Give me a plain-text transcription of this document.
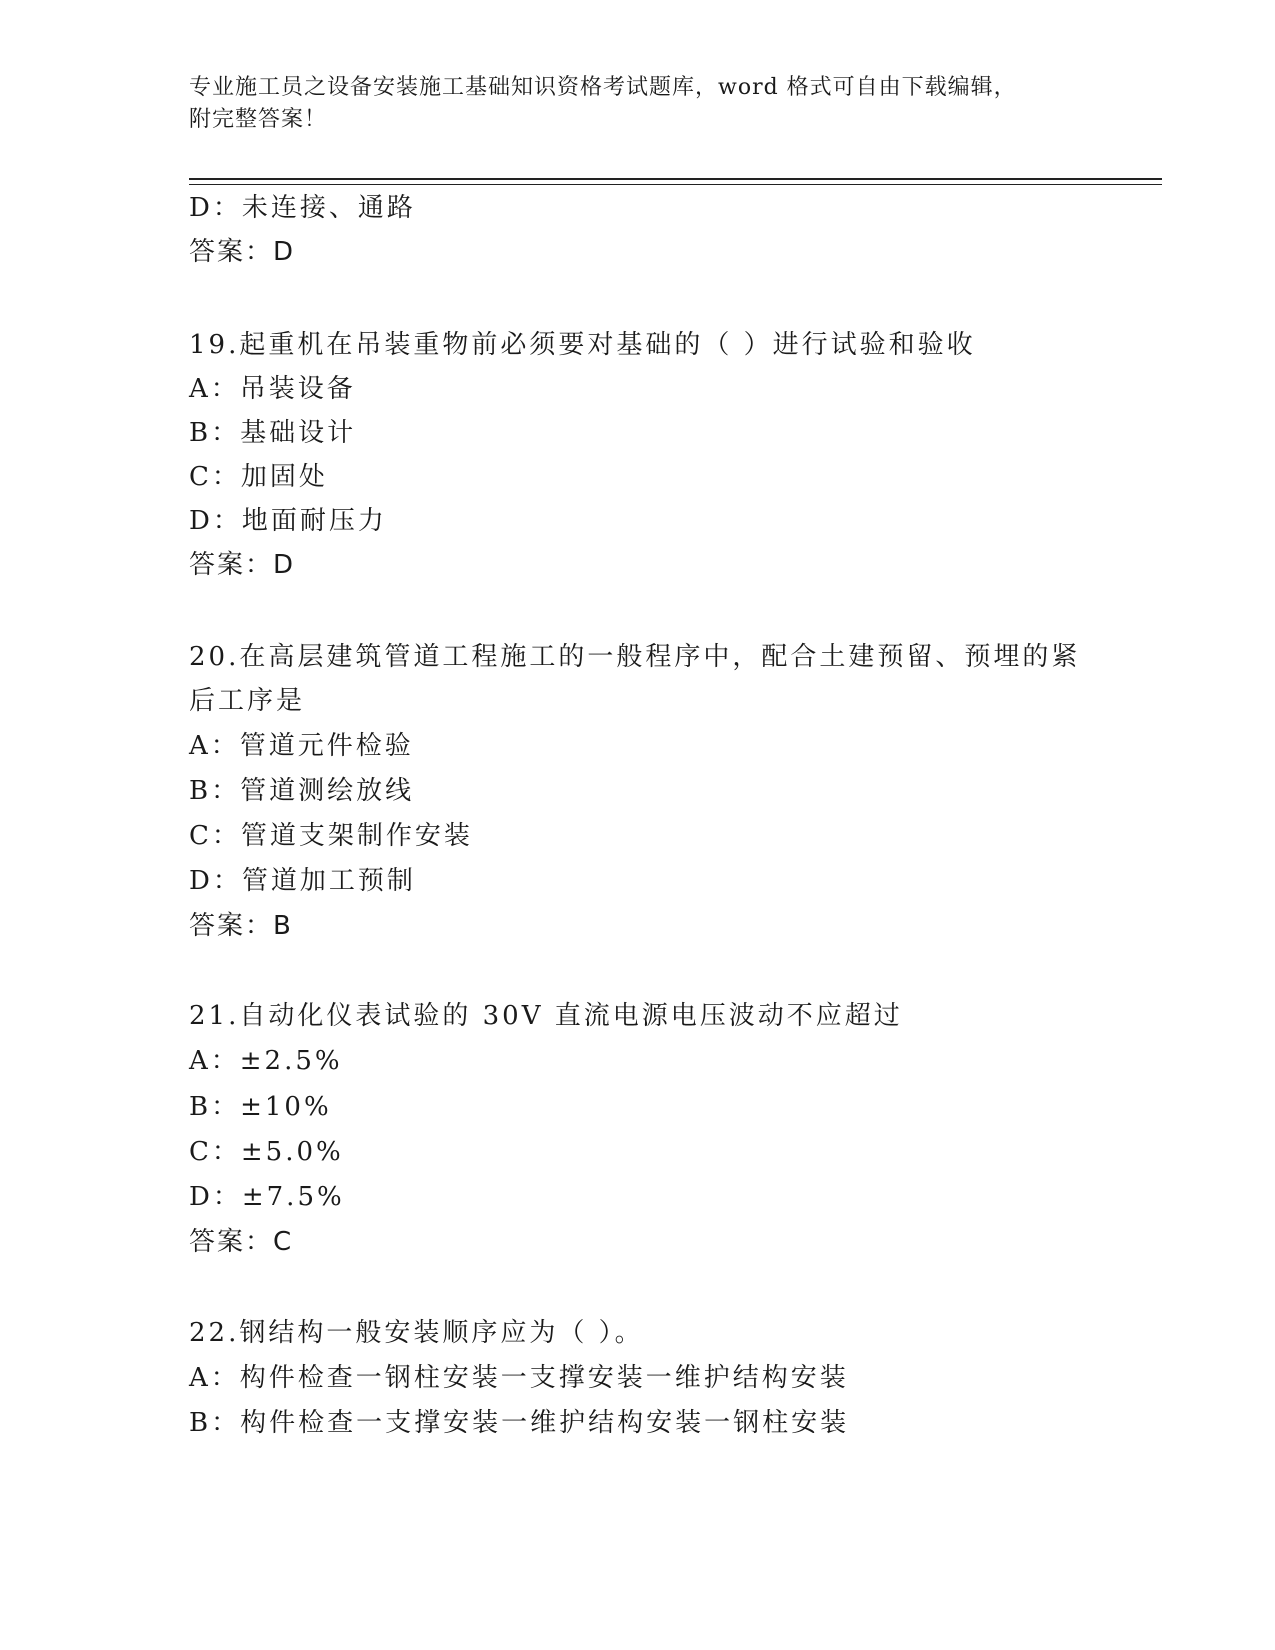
专业施工员之设备安装施工基础知识资格考试题库，word 格式可自由下载编辑，
附完整答案！
D：未连接、通路
答案：D
19.起重机在吊装重物前必须要对基础的（ ）进行试验和验收
A：吊装设备
B：基础设计
C：加固处
D：地面耐压力
答案：D
20.在高层建筑管道工程施工的一般程序中，配合土建预留、预埋的紧
后工序是
A：管道元件检验
B：管道测绘放线
C：管道支架制作安装
D：管道加工预制
答案：B
21.自动化仪表试验的 30V 直流电源电压波动不应超过
A：±2.5%
B：±10%
C：±5.0%
D：±7.5%
答案：C
22.钢结构一般安装顺序应为（ ）。
A：构件检查一钢柱安装一支撑安装一维护结构安装
B：构件检查一支撑安装一维护结构安装一钢柱安装
